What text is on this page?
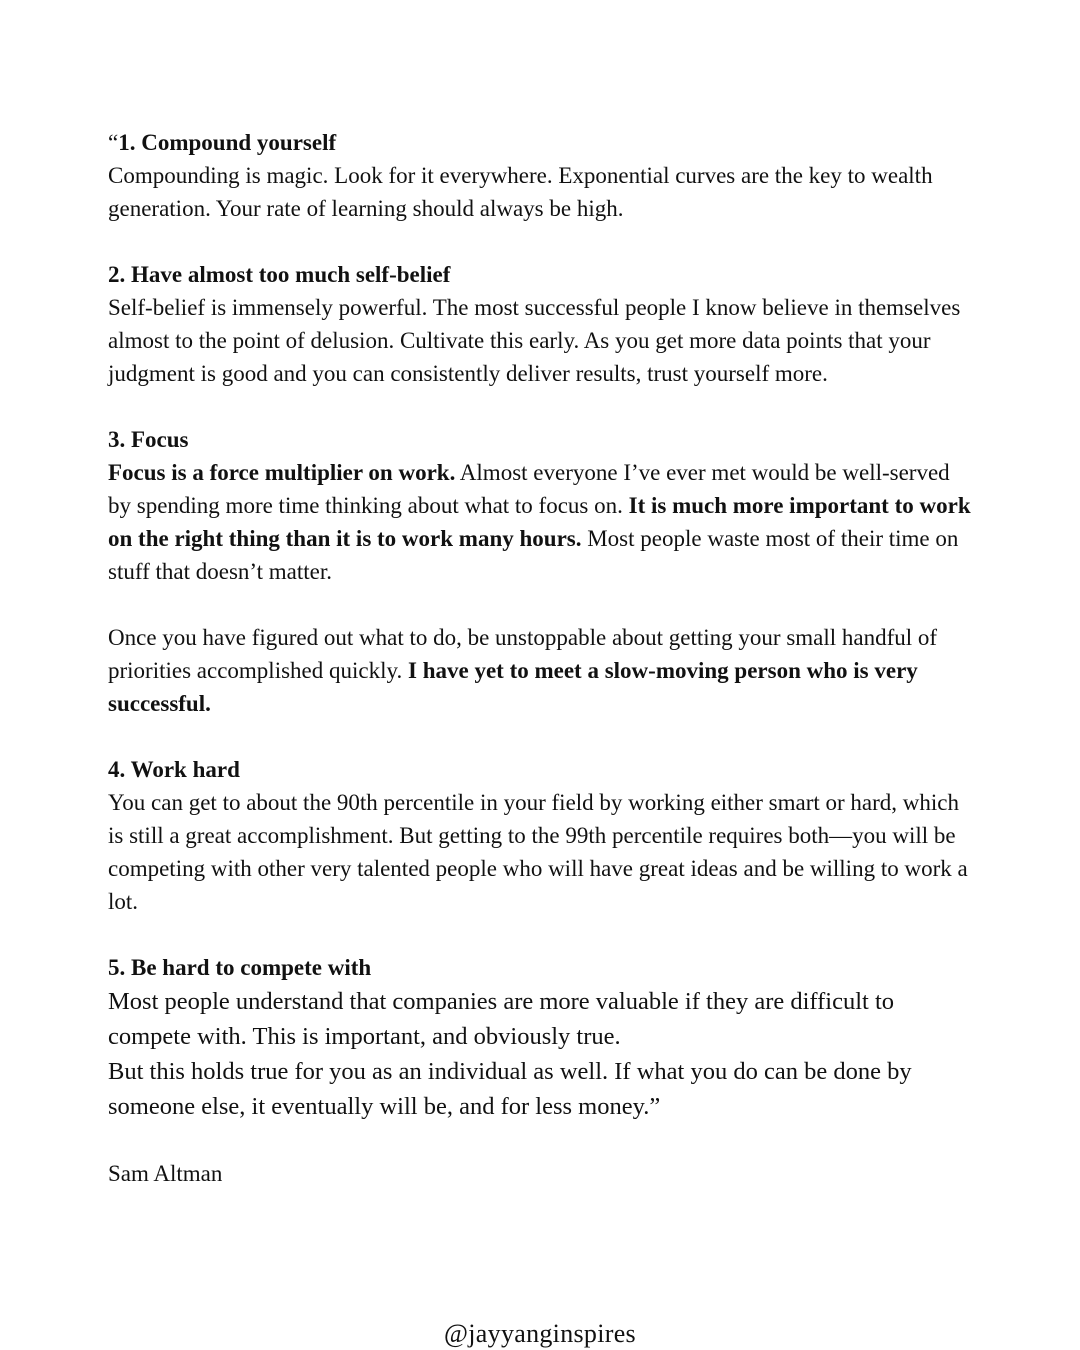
“1. Compound yourself

Compounding is magic. Look for it everywhere. Exponential curves are the key to wealth generation. Your rate of learning should always be high.

2. Have almost too much self-belief

Self-belief is immensely powerful. The most successful people I know believe in themselves almost to the point of delusion. Cultivate this early. As you get more data points that your judgment is good and you can consistently deliver results, trust yourself more.

3. Focus

Focus is a force multiplier on work. Almost everyone I’ve ever met would be well-served by spending more time thinking about what to focus on. It is much more important to work on the right thing than it is to work many hours. Most people waste most of their time on stuff that doesn’t matter.

Once you have figured out what to do, be unstoppable about getting your small handful of priorities accomplished quickly. I have yet to meet a slow-moving person who is very successful.

4. Work hard

You can get to about the 90th percentile in your field by working either smart or hard, which is still a great accomplishment. But getting to the 99th percentile requires both—you will be competing with other very talented people who will have great ideas and be willing to work a lot.

5. Be hard to compete with

Most people understand that companies are more valuable if they are difficult to compete with. This is important, and obviously true.

But this holds true for you as an individual as well. If what you do can be done by someone else, it eventually will be, and for less money.”

Sam Altman
@jayyanginspires
